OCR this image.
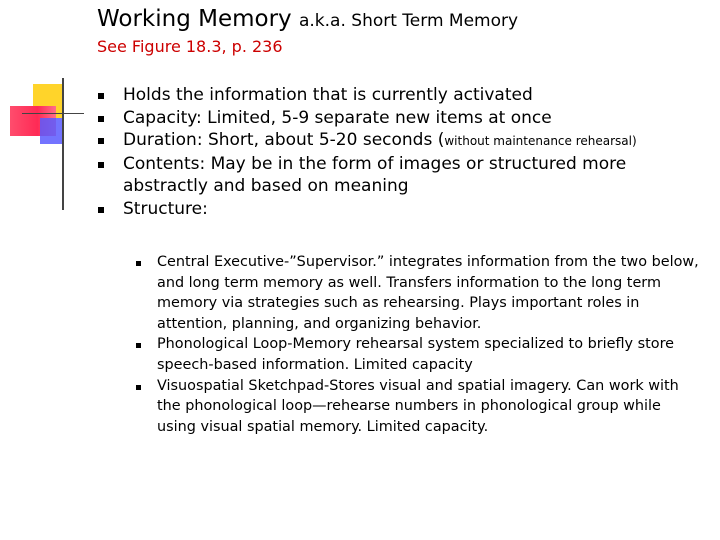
Working Memory a.k.a. Short Term Memory
See Figure 18.3, p. 236
Holds the information that is currently activated
Capacity: Limited, 5-9 separate new items at once
Duration: Short, about 5-20 seconds (without maintenance rehearsal)
Contents: May be in the form of images or structured more abstractly and based on meaning
Structure:
Central Executive-”Supervisor.” integrates information from the two below, and long term memory as well. Transfers information to the long term memory via strategies such as rehearsing. Plays important roles in attention, planning, and organizing behavior.
Phonological Loop-Memory rehearsal system specialized to briefly store speech-based information. Limited capacity
Visuospatial Sketchpad-Stores visual and spatial imagery. Can work with the phonological loop—rehearse numbers in phonological group while using visual spatial memory. Limited capacity.
